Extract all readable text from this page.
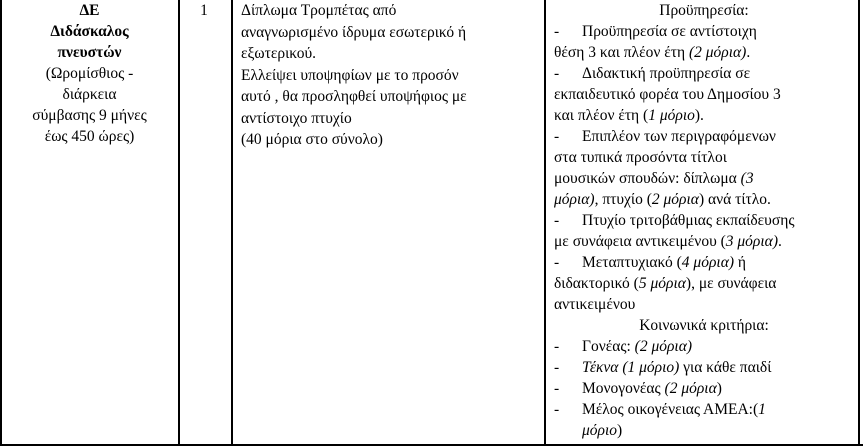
ΔΕ
Διδάσκαλος
πνευστών
(Ωρομίσθιος -
διάρκεια
σύμβασης 9 μήνες
έως 450 ώρες)
1	Δίπλωμα Τρομπέτας από
αναγνωρισμένο ίδρυμα εσωτερικό ή
εξωτερικού.
Ελλείψει υποψηφίων με το προσόν
αυτό , θα προσληφθεί υποψήφιος με
αντίστοιχο πτυχίο
(40 μόρια στο σύνολο)
Προϋπηρεσία:
- Προϋπηρεσία σε αντίστοιχη
θέση 3 και πλέον έτη (2 μόρια).
- Διδακτική προϋπηρεσία σε
εκπαιδευτικό φορέα του Δημοσίου 3
και πλέον έτη (1 μόριο).
- Επιπλέον των περιγραφόμενων
στα τυπικά προσόντα τίτλοι
μουσικών σπουδών: δίπλωμα (3
μόρια), πτυχίο (2 μόρια) ανά τίτλο.
- Πτυχίο τριτοβάθμιας εκπαίδευσης
με συνάφεια αντικειμένου (3 μόρια).
- Μεταπτυχιακό (4 μόρια) ή
διδακτορικό (5 μόρια), με συνάφεια
αντικειμένου
Κοινωνικά κριτήρια:
- Γονέας: (2 μόρια)
- Τέκνα (1 μόριο) για κάθε παιδί
- Μονογονέας (2 μόρια)
- Μέλος οικογένειας ΑΜΕΑ:(1
μόριο)
